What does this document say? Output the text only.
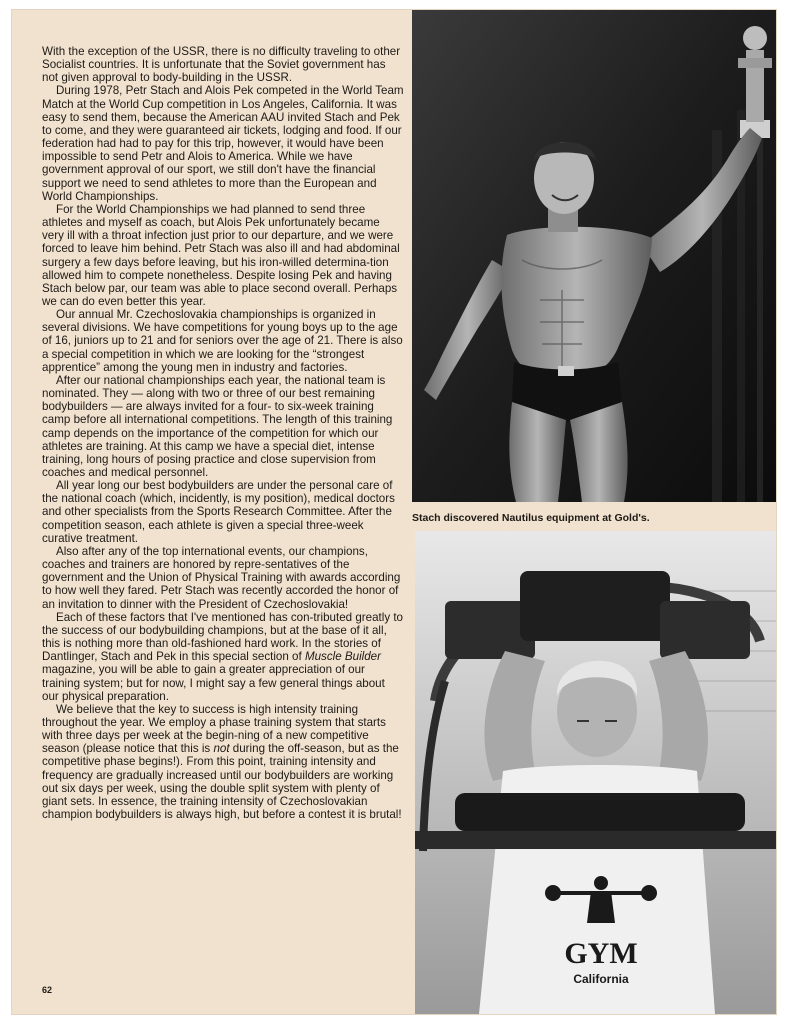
With the exception of the USSR, there is no difficulty traveling to other Socialist countries. It is unfortunate that the Soviet government has not given approval to body-building in the USSR.

During 1978, Petr Stach and Alois Pek competed in the World Team Match at the World Cup competition in Los Angeles, California. It was easy to send them, because the American AAU invited Stach and Pek to come, and they were guaranteed air tickets, lodging and food. If our federation had had to pay for this trip, however, it would have been impossible to send Petr and Alois to America. While we have government approval of our sport, we still don't have the financial support we need to send athletes to more than the European and World Championships.

For the World Championships we had planned to send three athletes and myself as coach, but Alois Pek unfortunately became very ill with a throat infection just prior to our departure, and we were forced to leave him behind. Petr Stach was also ill and had abdominal surgery a few days before leaving, but his iron-willed determina-tion allowed him to compete nonetheless. Despite losing Pek and having Stach below par, our team was able to place second overall. Perhaps we can do even better this year.

Our annual Mr. Czechoslovakia championships is organized in several divisions. We have competitions for young boys up to the age of 16, juniors up to 21 and for seniors over the age of 21. There is also a special competition in which we are looking for the “strongest apprentice” among the young men in industry and factories.

After our national championships each year, the national team is nominated. They — along with two or three of our best remaining bodybuilders — are always invited for a four- to six-week training camp before all international competitions. The length of this training camp depends on the importance of the competition for which our athletes are training. At this camp we have a special diet, intense training, long hours of posing practice and close supervision from coaches and medical personnel.

All year long our best bodybuilders are under the personal care of the national coach (which, incidently, is my position), medical doctors and other specialists from the Sports Research Committee. After the competition season, each athlete is given a special three-week curative treatment.

Also after any of the top international events, our champions, coaches and trainers are honored by repre-sentatives of the government and the Union of Physical Training with awards according to how well they fared. Petr Stach was recently accorded the honor of an invitation to dinner with the President of Czechoslovakia!

Each of these factors that I've mentioned has con-tributed greatly to the success of our bodybuilding champions, but at the base of it all, this is nothing more than old-fashioned hard work. In the stories of Dantlinger, Stach and Pek in this special section of Muscle Builder magazine, you will be able to gain a greater appreciation of our training system; but for now, I might say a few general things about our physical preparation.

We believe that the key to success is high intensity training throughout the year. We employ a phase training system that starts with three days per week at the begin-ning of a new competitive season (please notice that this is not during the off-season, but as the competitive phase begins!). From this point, training intensity and frequency are gradually increased until our bodybuilders are working out six days per week, using the double split system with plenty of giant sets. In essence, the training intensity of Czechoslovakian champion bodybuilders is always high, but before a contest it is brutal!

62
Stach discovered Nautilus equipment at Gold's.
GYM
California
